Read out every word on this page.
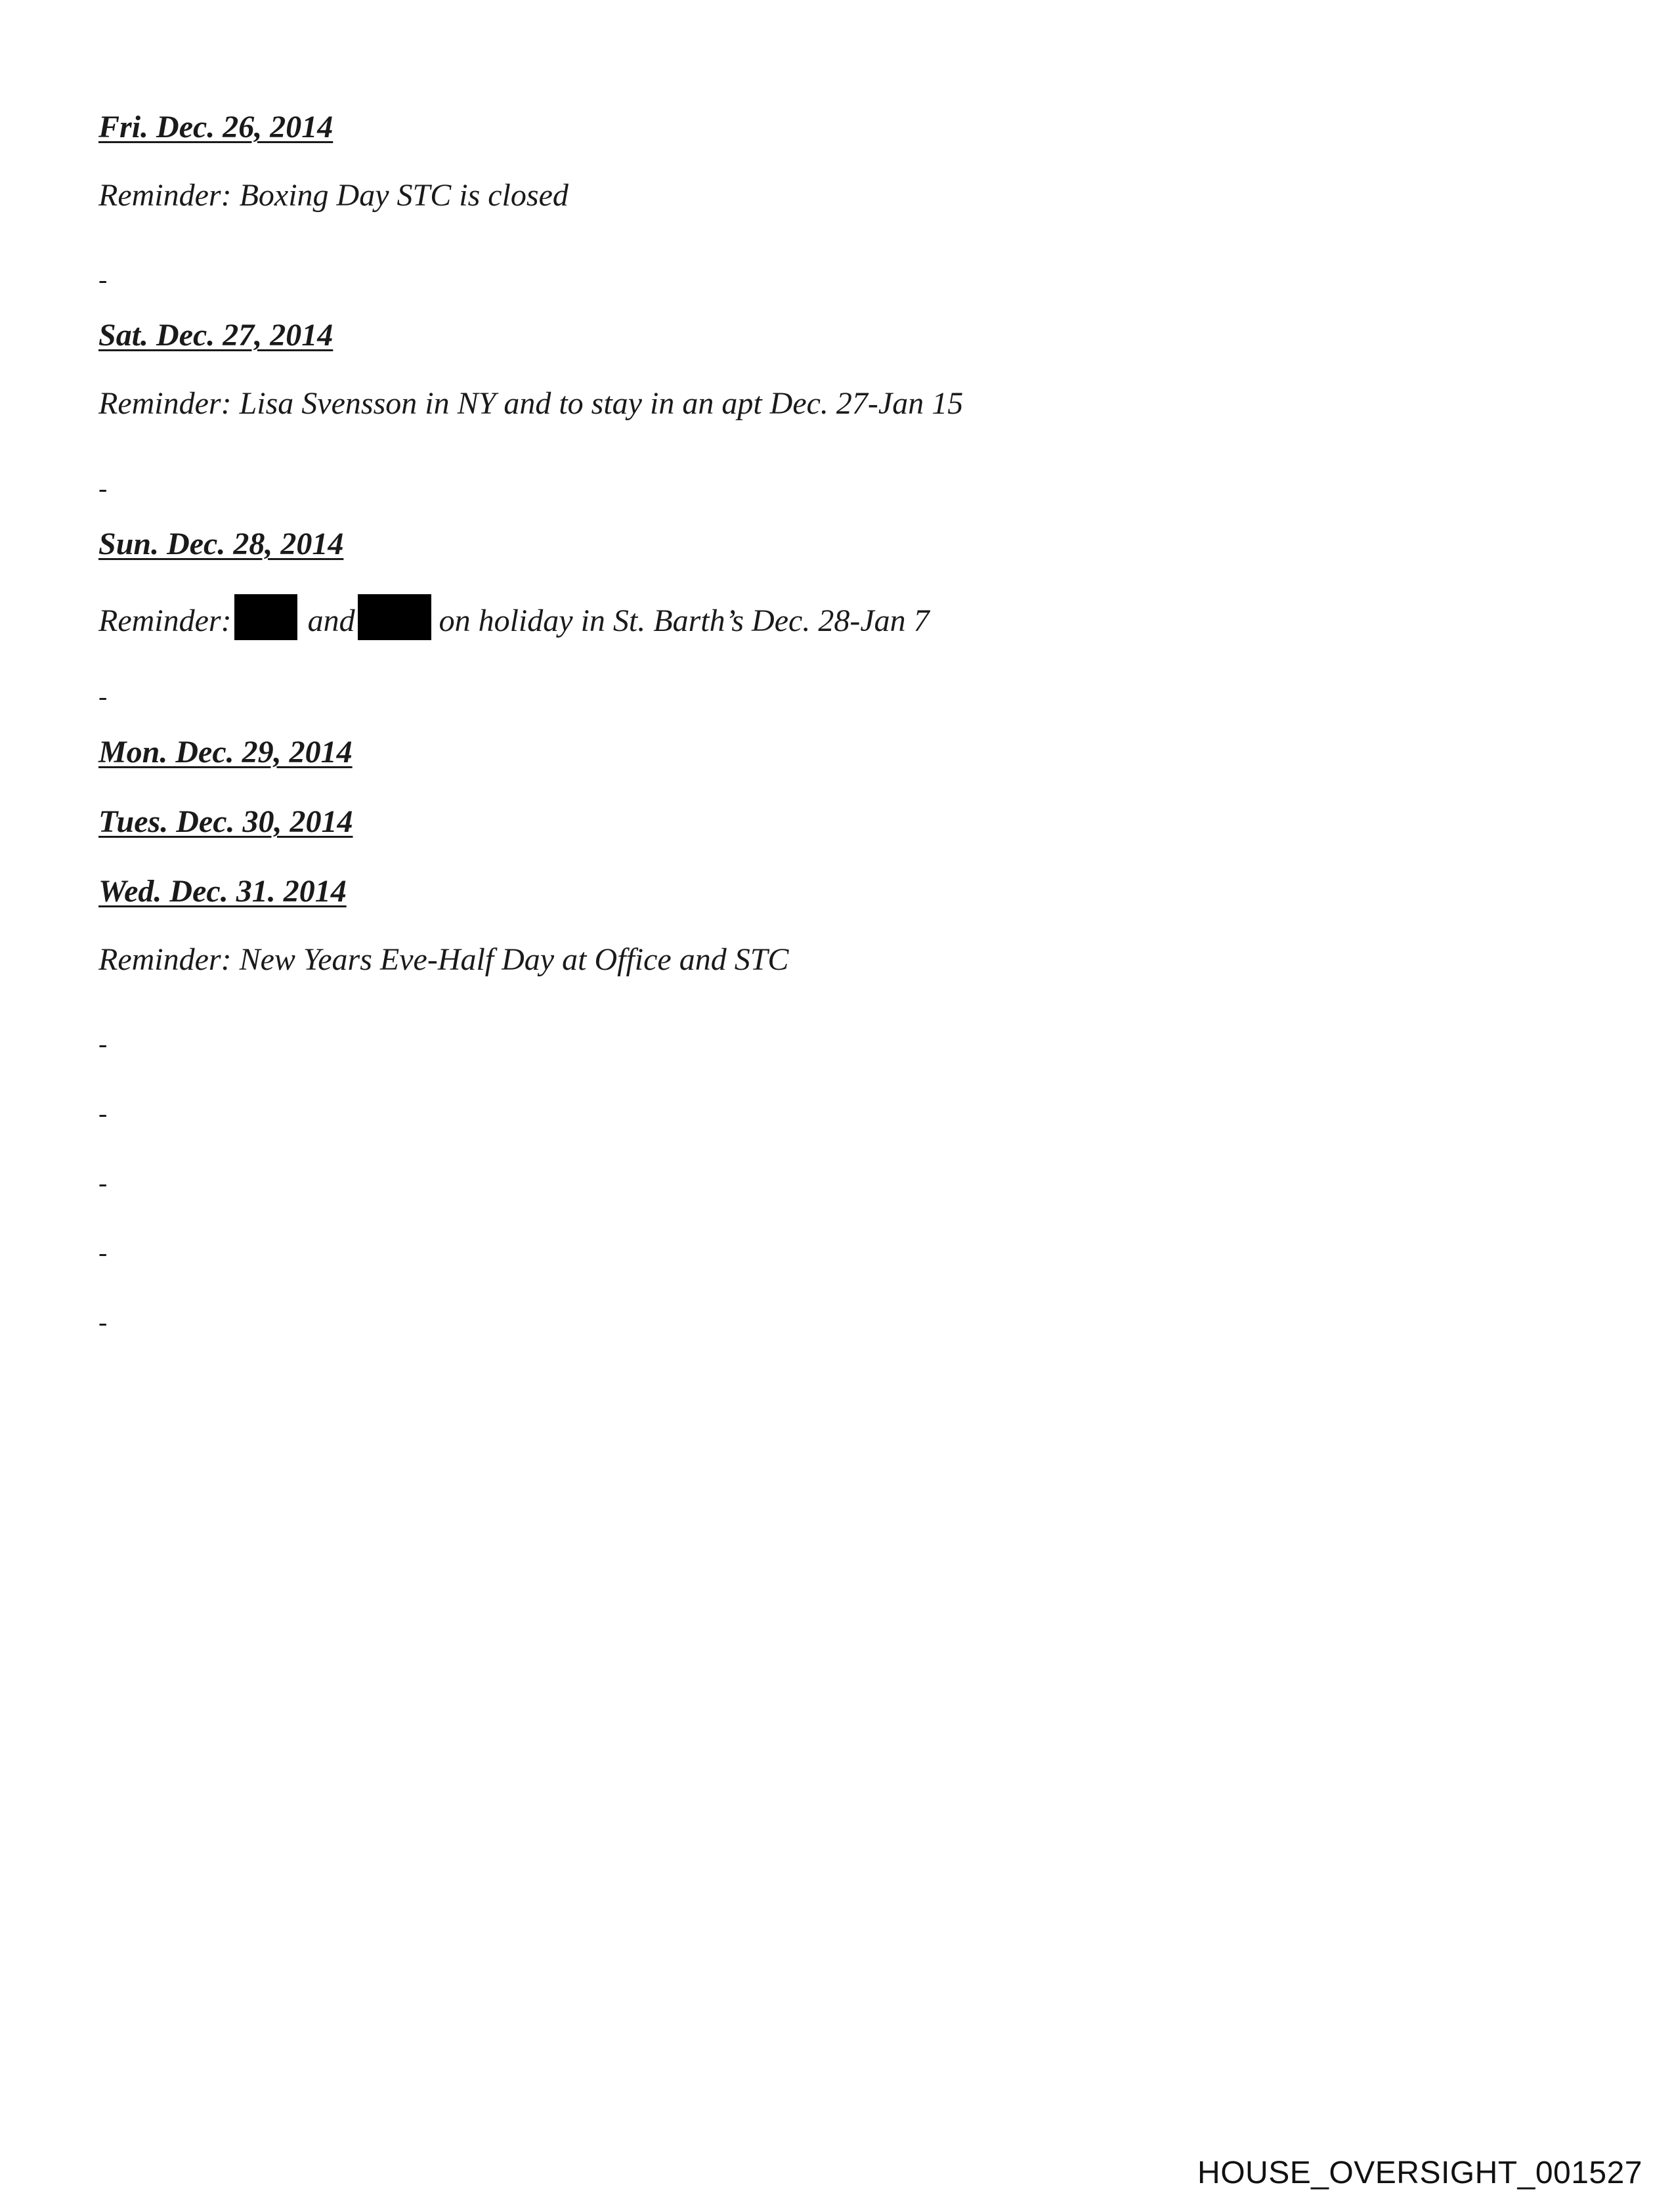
Fri. Dec. 26, 2014
Reminder: Boxing Day STC is closed
-
Sat. Dec. 27, 2014
Reminder: Lisa Svensson in NY and to stay in an apt Dec. 27-Jan 15
-
Sun. Dec. 28, 2014
Reminder: and	on holiday in St. Barth’s Dec. 28-Jan 7
-
Mon. Dec. 29, 2014
Tues. Dec. 30, 2014
Wed. Dec. 31. 2014
Reminder: New Years Eve-Half Day at Office and STC
-
-
-
-
-
HOUSE_OVERSIGHT_001527
